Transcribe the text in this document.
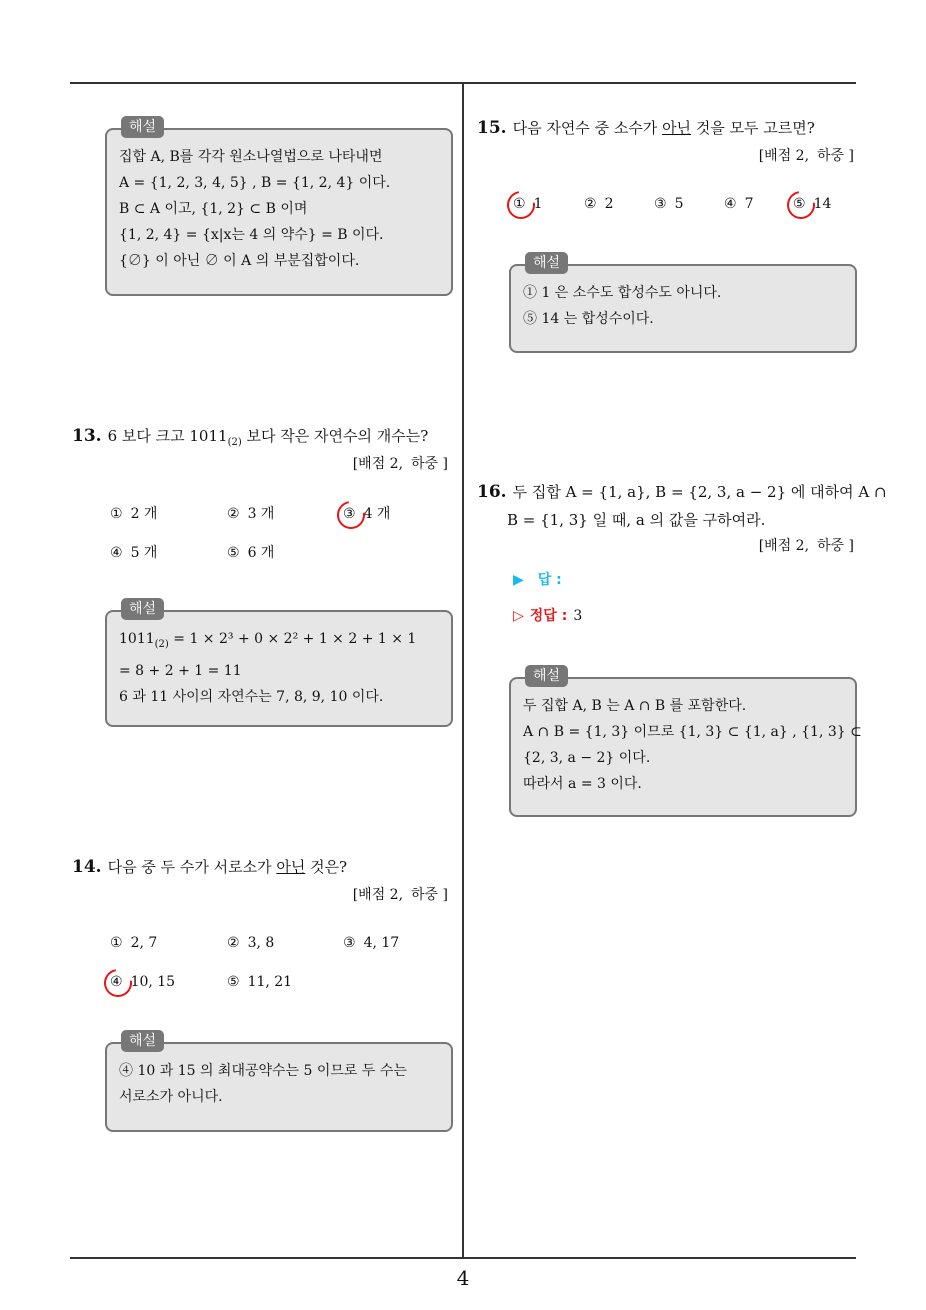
4
해설
집합 A, B를 각각 원소나열법으로 나타내면
A = {1, 2, 3, 4, 5} , B = {1, 2, 4} 이다.
B ⊂ A 이고, {1, 2} ⊂ B 이며
{1, 2, 4} = {x|x는 4 의 약수} = B 이다.
{∅} 이 아닌 ∅ 이 A 의 부분집합이다.
13. 6 보다 크고 $1011_{(2)}$ 보다 작은 자연수의 개수는?
[배점 2, 하중 ]
① 2 개	② 3 개	③ 4 개
④ 5 개	⑤ 6 개
해설
$1011_{(2)} = 1 \times 2^3 + 0 \times 2^2 + 1 \times 2 + 1 \times 1$
= 8 + 2 + 1 = 11
6 과 11 사이의 자연수는 7, 8, 9, 10 이다.
14. 다음 중 두 수가 서로소가 아닌 것은?
[배점 2, 하중 ]
① 2, 7	② 3, 8	③ 4, 17
④ 10, 15	⑤ 11, 21
해설
④ 10 과 15 의 최대공약수는 5 이므로 두 수는
서로소가 아니다.
15. 다음 자연수 중 소수가 아닌 것을 모두 고르면?
[배점 2, 하중 ]
① 1	② 2	③ 5	④ 7	⑤ 14
해설
① 1 은 소수도 합성수도 아니다.
⑤ 14 는 합성수이다.
16. 두 집합 A = {1, a}, B = {2, 3, a − 2} 에 대하여 A ∩
B = {1, 3} 일 때, a 의 값을 구하여라.
[배점 2, 하중 ]
▶ 답 :
▷ 정답 : 3
해설
두 집합 A, B 는 A ∩ B 를 포함한다.
A ∩ B = {1, 3} 이므로 {1, 3} ⊂ {1, a} , {1, 3} ⊂
{2, 3, a − 2} 이다.
따라서 a = 3 이다.
